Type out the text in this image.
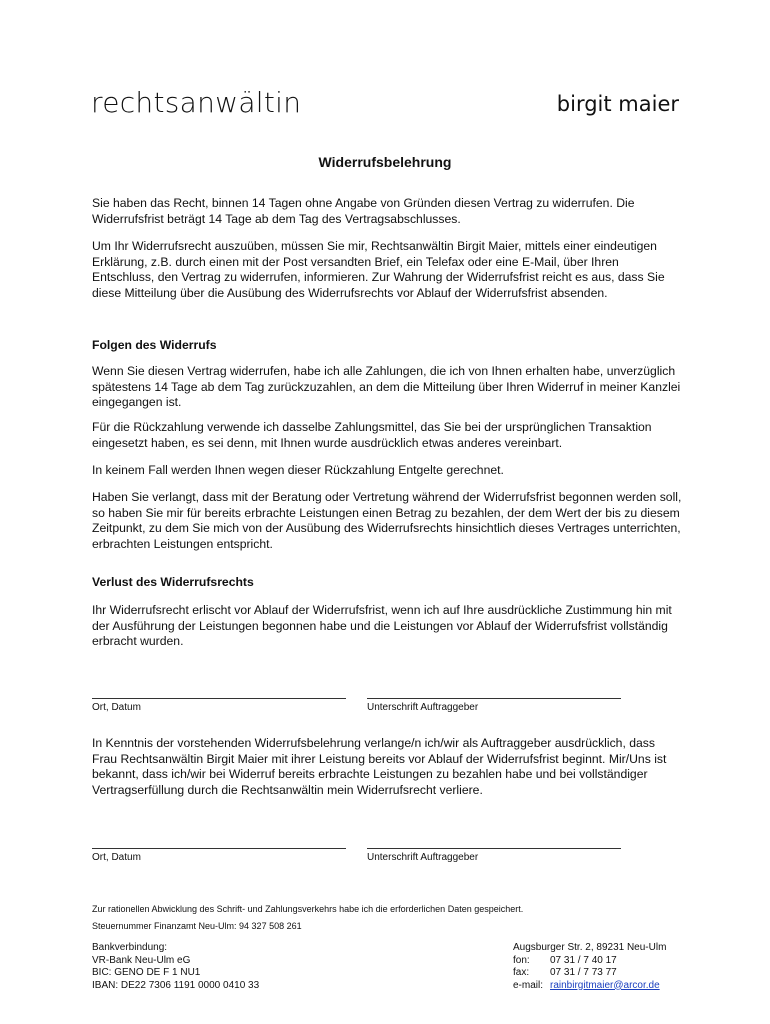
rechtsanwältin	birgit maier
Widerrufsbelehrung

Sie haben das Recht, binnen 14 Tagen ohne Angabe von Gründen diesen Vertrag zu widerrufen. Die Widerrufsfrist beträgt 14 Tage ab dem Tag des Vertragsabschlusses.

Um Ihr Widerrufsrecht auszuüben, müssen Sie mir, Rechtsanwältin Birgit Maier, mittels einer eindeutigen Erklärung, z.B. durch einen mit der Post versandten Brief, ein Telefax oder eine E-Mail, über Ihren Entschluss, den Vertrag zu widerrufen, informieren. Zur Wahrung der Widerrufsfrist reicht es aus, dass Sie diese Mitteilung über die Ausübung des Widerrufsrechts vor Ablauf der Widerrufsfrist absenden.

Folgen des Widerrufs

Wenn Sie diesen Vertrag widerrufen, habe ich alle Zahlungen, die ich von Ihnen erhalten habe, unverzüglich spätestens 14 Tage ab dem Tag zurückzuzahlen, an dem die Mitteilung über Ihren Widerruf in meiner Kanzlei eingegangen ist.

Für die Rückzahlung verwende ich dasselbe Zahlungsmittel, das Sie bei der ursprünglichen Transaktion eingesetzt haben, es sei denn, mit Ihnen wurde ausdrücklich etwas anderes vereinbart.

In keinem Fall werden Ihnen wegen dieser Rückzahlung Entgelte gerechnet.

Haben Sie verlangt, dass mit der Beratung oder Vertretung während der Widerrufsfrist begonnen werden soll, so haben Sie mir für bereits erbrachte Leistungen einen Betrag zu bezahlen, der dem Wert der bis zu diesem Zeitpunkt, zu dem Sie mich von der Ausübung des Widerrufsrechts hinsichtlich dieses Vertrages unterrichten, erbrachten Leistungen entspricht.

Verlust des Widerrufsrechts

Ihr Widerrufsrecht erlischt vor Ablauf der Widerrufsfrist, wenn ich auf Ihre ausdrückliche Zustimmung hin mit der Ausführung der Leistungen begonnen habe und die Leistungen vor Ablauf der Widerrufsfrist vollständig erbracht wurden.

Ort, Datum	Unterschrift Auftraggeber

In Kenntnis der vorstehenden Widerrufsbelehrung verlange/n ich/wir als Auftraggeber ausdrücklich, dass Frau Rechtsanwältin Birgit Maier mit ihrer Leistung bereits vor Ablauf der Widerrufsfrist beginnt. Mir/Uns ist bekannt, dass ich/wir bei Widerruf bereits erbrachte Leistungen zu bezahlen habe und bei vollständiger Vertragserfüllung durch die Rechtsanwältin mein Widerrufsrecht verliere.

Ort, Datum	Unterschrift Auftraggeber
Zur rationellen Abwicklung des Schrift- und Zahlungsverkehrs habe ich die erforderlichen Daten gespeichert.
Steuernummer Finanzamt Neu-Ulm: 94 327 508 261
Bankverbindung:
VR-Bank Neu-Ulm eG
BIC: GENO DE F 1 NU1
IBAN: DE22 7306 1191 0000 0410 33
Augsburger Str. 2, 89231 Neu-Ulm
fon:	07 31 / 7 40 17
fax:	07 31 / 7 73 77
e-mail: rainbirgitmaier@arcor.de
